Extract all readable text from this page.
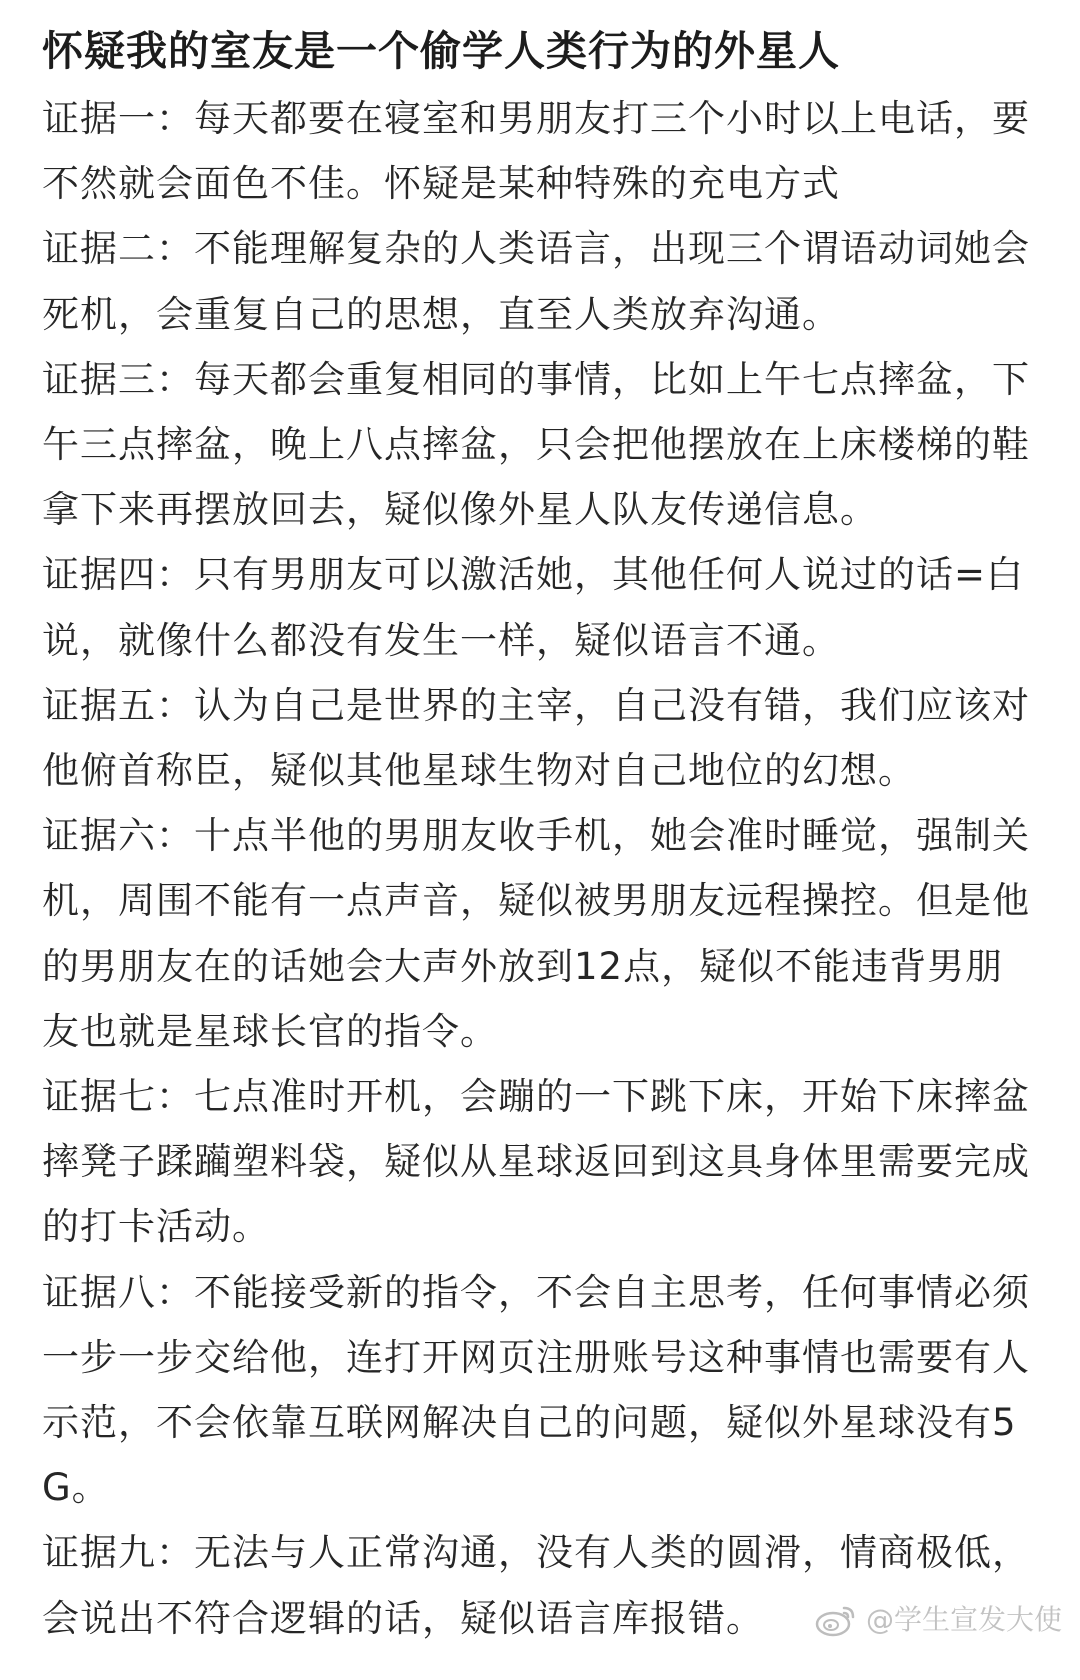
怀疑我的室友是一个偷学人类行为的外星人
证据一：每天都要在寝室和男朋友打三个小时以上电话，要不然就会面色不佳。怀疑是某种特殊的充电方式
证据二：不能理解复杂的人类语言，出现三个谓语动词她会死机，会重复自己的思想，直至人类放弃沟通。
证据三：每天都会重复相同的事情，比如上午七点摔盆，下午三点摔盆，晚上八点摔盆，只会把他摆放在上床楼梯的鞋拿下来再摆放回去，疑似像外星人队友传递信息。
证据四：只有男朋友可以激活她，其他任何人说过的话=白说，就像什么都没有发生一样，疑似语言不通。
证据五：认为自己是世界的主宰，自己没有错，我们应该对他俯首称臣，疑似其他星球生物对自己地位的幻想。
证据六：十点半他的男朋友收手机，她会准时睡觉，强制关机，周围不能有一点声音，疑似被男朋友远程操控。但是他的男朋友在的话她会大声外放到12点，疑似不能违背男朋友也就是星球长官的指令。
证据七：七点准时开机，会蹦的一下跳下床，开始下床摔盆摔凳子蹂躏塑料袋，疑似从星球返回到这具身体里需要完成的打卡活动。
证据八：不能接受新的指令，不会自主思考，任何事情必须一步一步交给他，连打开网页注册账号这种事情也需要有人示范，不会依靠互联网解决自己的问题，疑似外星球没有5G。
证据九：无法与人正常沟通，没有人类的圆滑，情商极低，会说出不符合逻辑的话，疑似语言库报错。	@学生宣发大使
